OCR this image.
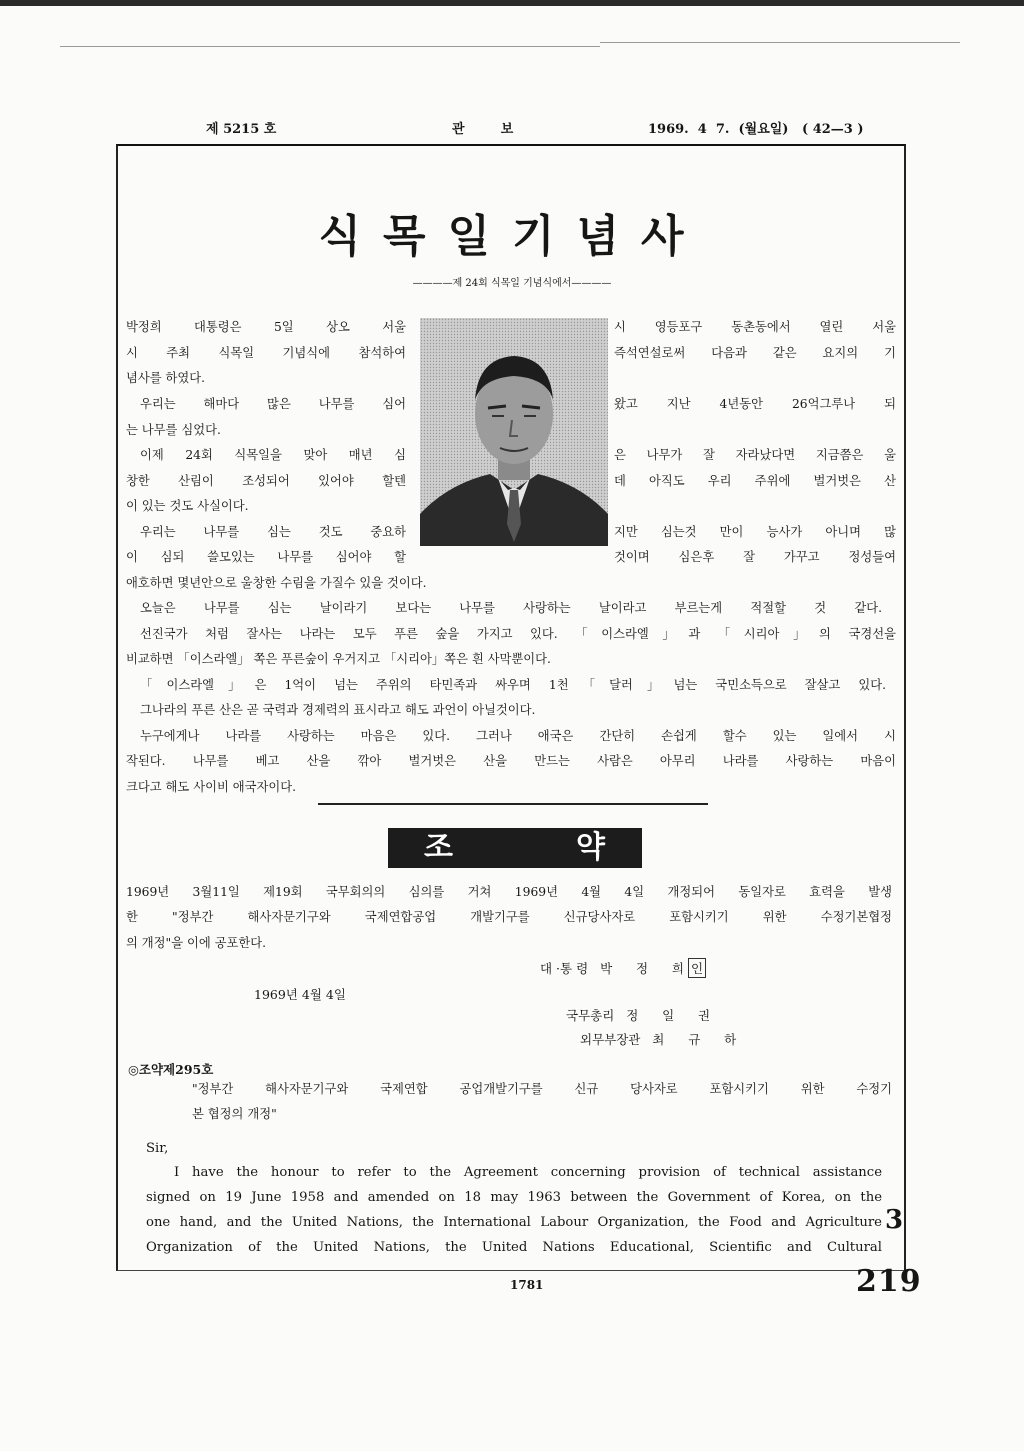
제 5215 호	관        보	1969.  4  7.  (월요일)   ( 42—3 )
식목일기념사
————제 24회 식목일 기념식에서————
박정희 대통령은 5일 상오 서울
시 주최 식목일 기념식에 참석하여
념사를 하였다.
우리는 해마다 많은 나무를 심어
는 나무를 심었다.
이제 24회 식목일을 맞아 매년 심
창한 산림이 조성되어 있어야 할텐
이 있는 것도 사실이다.
우리는 나무를 심는 것도 중요하
이 심되 쓸모있는 나무를 심어야 할
시 영등포구 동촌동에서 열린 서울
즉석연설로써 다음과 같은 요지의 기
왔고 지난 4년동안 26억그루나 되
은 나무가 잘 자라났다면 지금쯤은 울
데 아직도 우리 주위에 벌거벗은 산
지만 심는것 만이 능사가 아니며 많
것이며 심은후 잘 가꾸고 정성들여
애호하면 몇년안으로 울창한 수림을 가질수 있을 것이다.
오늘은 나무를 심는 날이라기 보다는 나무를 사랑하는 날이라고 부르는게 적절할 것 같다.
선진국가 처럼 잘사는 나라는 모두 푸른 숲을 가지고 있다. 「이스라엘」과 「시리아」의 국경선을
비교하면 「이스라엘」 쪽은 푸른숲이 우거지고 「시리아」쪽은 흰 사막뿐이다.
「이스라엘」은 1억이 넘는 주위의 타민족과 싸우며 1천「달러」넘는 국민소득으로 잘살고 있다.
그나라의 푸른 산은 곧 국력과 경제력의 표시라고 해도 과언이 아닐것이다.
누구에게나 나라를 사랑하는 마음은 있다. 그러나 애국은 간단히 손쉽게 할수 있는 일에서 시
작된다. 나무를 베고 산을 깎아 벌거벗은 산을 만드는 사람은 아무리 나라를 사랑하는 마음이
크다고 해도 사이비 애국자이다.
조	약
1969년 3월11일 제19회 국무회의의 심의를 거쳐 1969년 4월 4일 개정되어 동일자로 효력을 발생
한 "정부간 해사자문기구와 국제연합공업 개발기구를 신규당사자로 포함시키기 위한 수정기본협정
의 개정"을 이에 공포한다.
대 ·통 령   박      정      희 인
1969년 4월 4일
국무총리   정      일      권
외무부장관   최      규      하
◎조약제295호
"정부간 해사자문기구와 국제연합 공업개발기구를 신규 당사자로 포함시키기 위한 수정기
본 협정의 개정"
Sir,
I have the honour to refer to the Agreement concerning provision of technical assistance
signed on 19 June 1958 and amended on 18 may 1963 between the Government of Korea, on the
one hand, and the United Nations, the International Labour Organization, the Food and Agriculture
Organization of the United Nations, the United Nations Educational, Scientific and Cultural
3
1781	219
